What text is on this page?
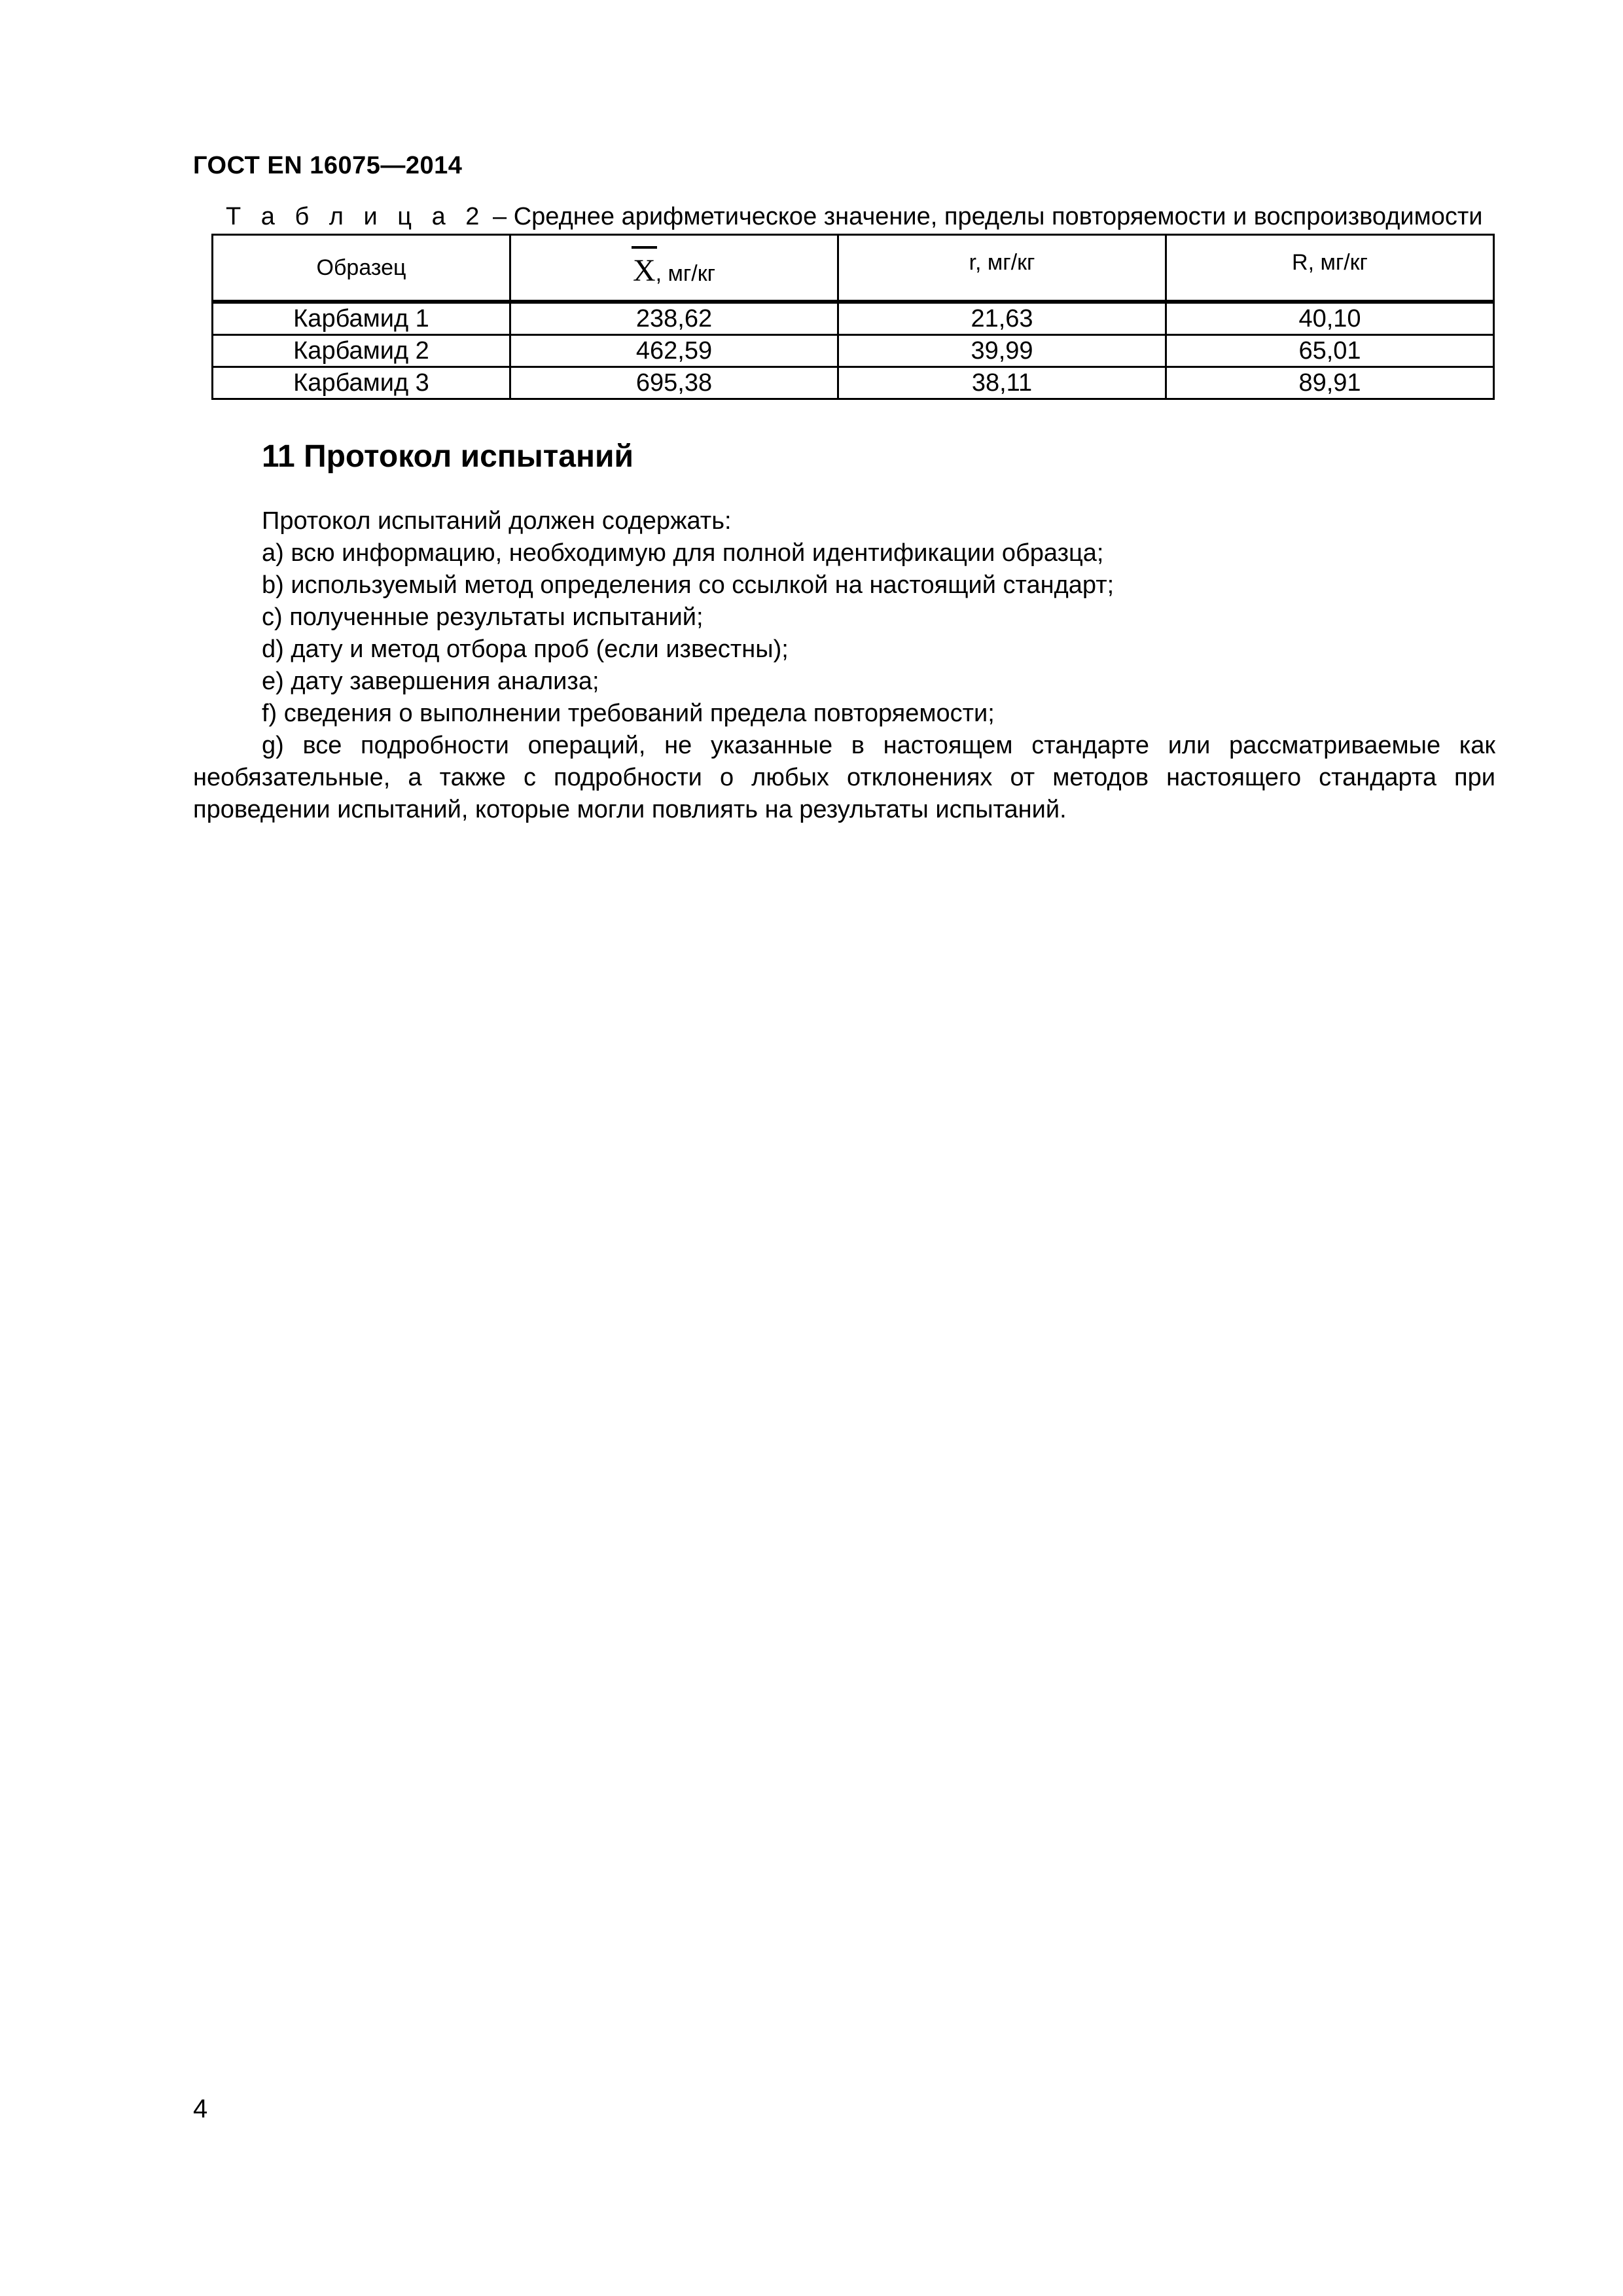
ГОСТ EN 16075—2014
Т а б л и ц а 2 – Среднее арифметическое значение, пределы повторяемости и воспроизводимости
Образец	X, мг/кг	r, мг/кг	R, мг/кг
Карбамид 1	238,62	21,63	40,10
Карбамид 2	462,59	39,99	65,01
Карбамид 3	695,38	38,11	89,91
11 Протокол испытаний

Протокол испытаний должен содержать:

a) всю информацию, необходимую для полной идентификации образца;

b) используемый метод определения со ссылкой на настоящий стандарт;

c) полученные результаты испытаний;

d) дату и метод отбора проб (если известны);

e) дату завершения анализа;

f) сведения о выполнении требований предела повторяемости;

g) все подробности операций, не указанные в настоящем стандарте или рассматриваемые как необязательные, а также с подробности о любых отклонениях от методов настоящего стандарта при проведении испытаний, которые могли повлиять на результаты испытаний.

4
